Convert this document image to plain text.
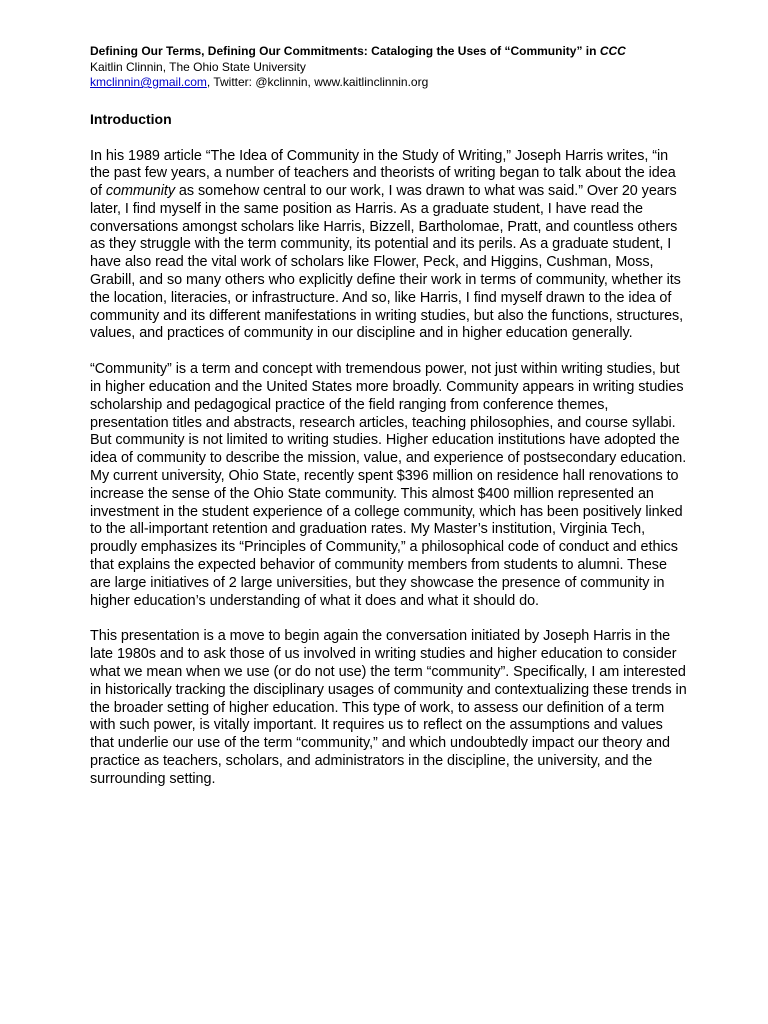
Defining Our Terms, Defining Our Commitments: Cataloging the Uses of “Community” in CCC
Kaitlin Clinnin, The Ohio State University
kmclinnin@gmail.com, Twitter: @kclinnin, www.kaitlinclinnin.org
Introduction

In his 1989 article “The Idea of Community in the Study of Writing,” Joseph Harris writes, “in the past few years, a number of teachers and theorists of writing began to talk about the idea of community as somehow central to our work, I was drawn to what was said.” Over 20 years later, I find myself in the same position as Harris. As a graduate student, I have read the conversations amongst scholars like Harris, Bizzell, Bartholomae, Pratt, and countless others as they struggle with the term community, its potential and its perils. As a graduate student, I have also read the vital work of scholars like Flower, Peck, and Higgins, Cushman, Moss, Grabill, and so many others who explicitly define their work in terms of community, whether its the location, literacies, or infrastructure. And so, like Harris, I find myself drawn to the idea of community and its different manifestations in writing studies, but also the functions, structures, values, and practices of community in our discipline and in higher education generally.

“Community” is a term and concept with tremendous power, not just within writing studies, but in higher education and the United States more broadly. Community appears in writing studies scholarship and pedagogical practice of the field ranging from conference themes, presentation titles and abstracts, research articles, teaching philosophies, and course syllabi. But community is not limited to writing studies. Higher education institutions have adopted the idea of community to describe the mission, value, and experience of postsecondary education. My current university, Ohio State, recently spent $396 million on residence hall renovations to increase the sense of the Ohio State community. This almost $400 million represented an investment in the student experience of a college community, which has been positively linked to the all-important retention and graduation rates. My Master’s institution, Virginia Tech, proudly emphasizes its “Principles of Community,” a philosophical code of conduct and ethics that explains the expected behavior of community members from students to alumni. These are large initiatives of 2 large universities, but they showcase the presence of community in higher education’s understanding of what it does and what it should do.

This presentation is a move to begin again the conversation initiated by Joseph Harris in the late 1980s and to ask those of us involved in writing studies and higher education to consider what we mean when we use (or do not use) the term “community”. Specifically, I am interested in historically tracking the disciplinary usages of community and contextualizing these trends in the broader setting of higher education. This type of work, to assess our definition of a term with such power, is vitally important. It requires us to reflect on the assumptions and values that underlie our use of the term “community,” and which undoubtedly impact our theory and practice as teachers, scholars, and administrators in the discipline, the university, and the surrounding setting.
